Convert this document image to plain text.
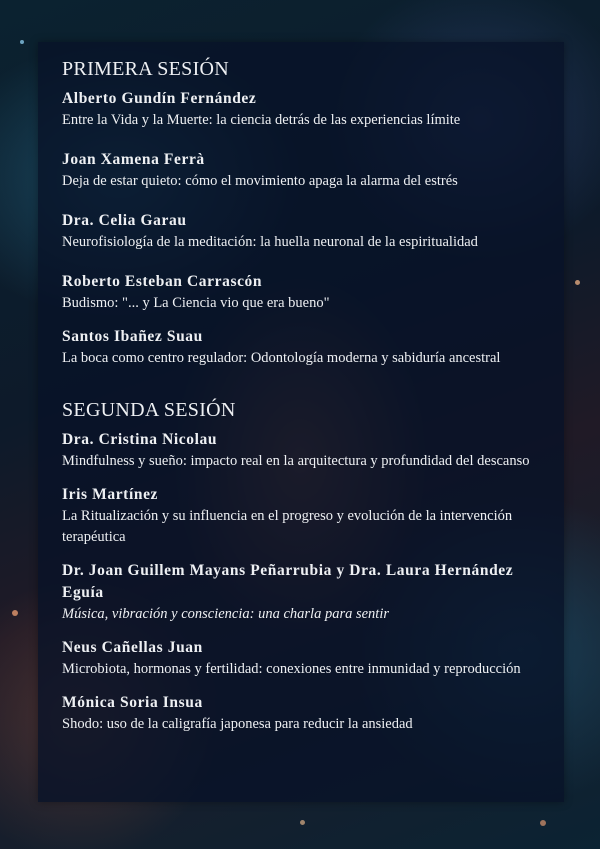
PRIMERA SESIÓN
Alberto Gundín Fernández
Entre la Vida y la Muerte: la ciencia detrás de las experiencias límite
Joan Xamena Ferrà
Deja de estar quieto: cómo el movimiento apaga la alarma del estrés
Dra. Celia Garau
Neurofisiología de la meditación: la huella neuronal de la espiritualidad
Roberto Esteban Carrascón
Budismo: "... y La Ciencia vio que era bueno"
Santos Ibañez Suau
La boca como centro regulador: Odontología moderna y sabiduría ancestral
SEGUNDA SESIÓN
Dra. Cristina Nicolau
Mindfulness y sueño: impacto real en la arquitectura y profundidad del descanso
Iris Martínez
La Ritualización y su influencia en el progreso y evolución de la intervención terapéutica
Dr. Joan Guillem Mayans Peñarrubia y Dra. Laura Hernández Eguía
Música, vibración y consciencia: una charla para sentir
Neus Cañellas Juan
Microbiota, hormonas y fertilidad: conexiones entre inmunidad y reproducción
Mónica Soria Insua
Shodo: uso de la caligrafía japonesa para reducir la ansiedad
